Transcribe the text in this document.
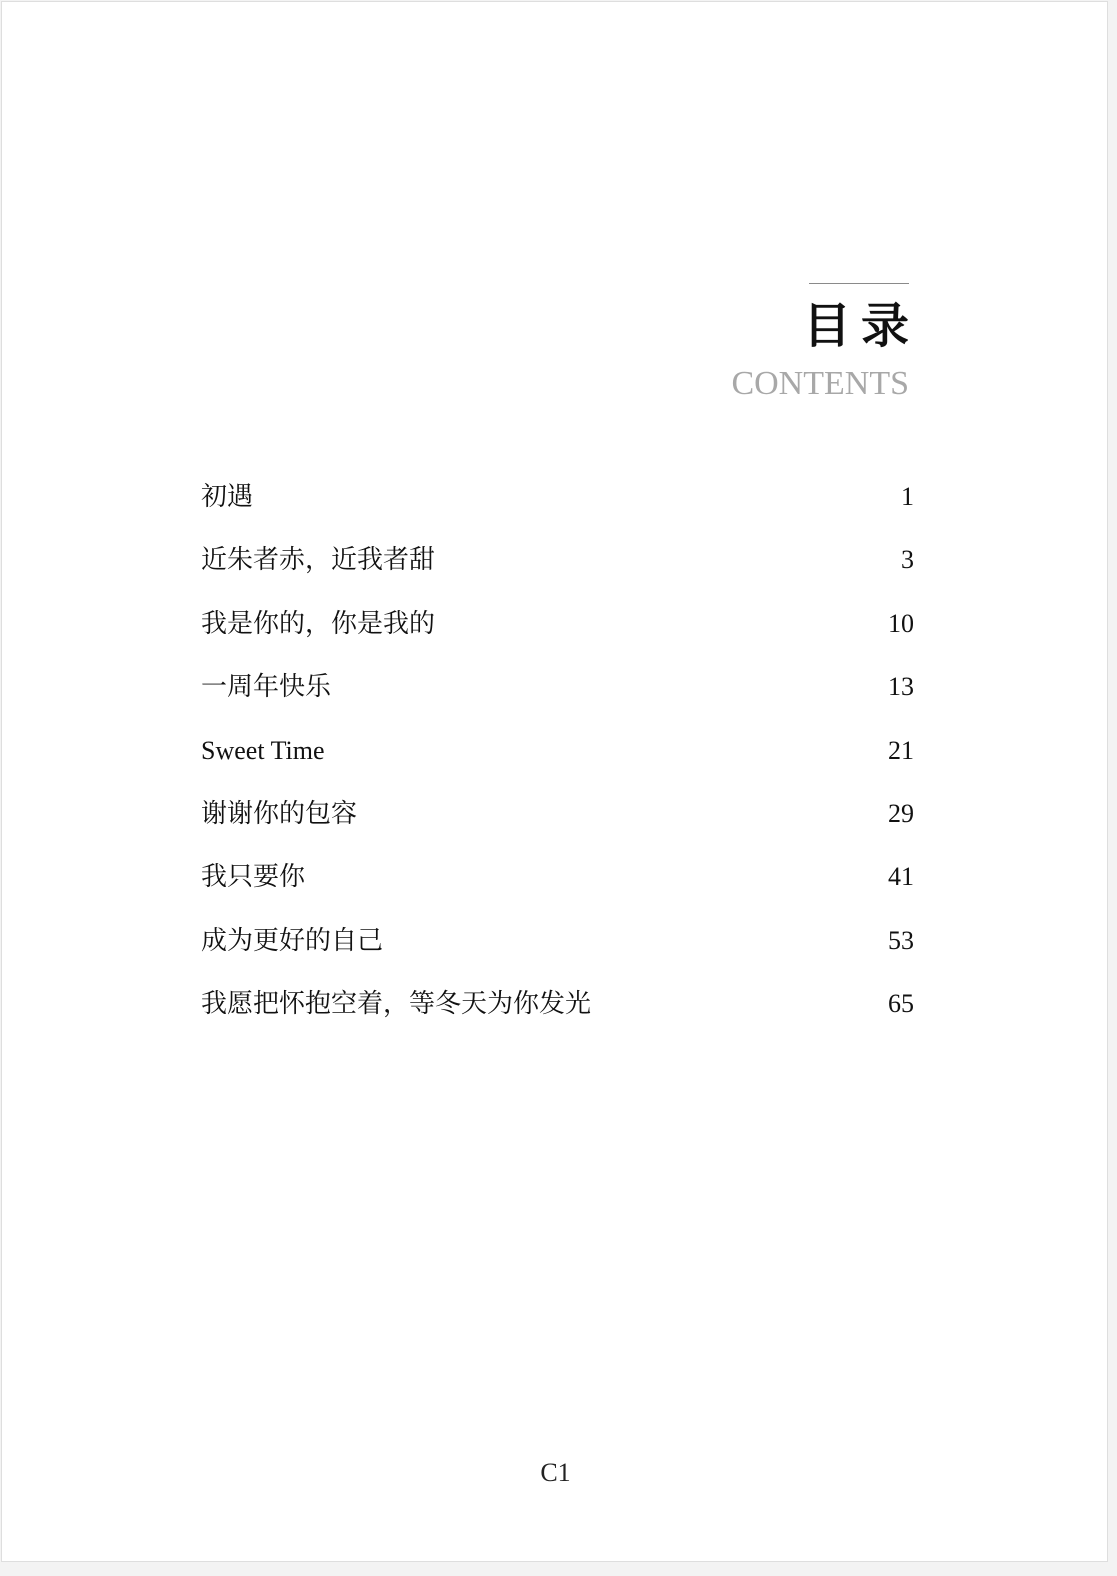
目录
CONTENTS
初遇	1
近朱者赤，近我者甜	3
我是你的，你是我的	10
一周年快乐	13
Sweet Time	21
谢谢你的包容	29
我只要你	41
成为更好的自己	53
我愿把怀抱空着，等冬天为你发光	65
C1
